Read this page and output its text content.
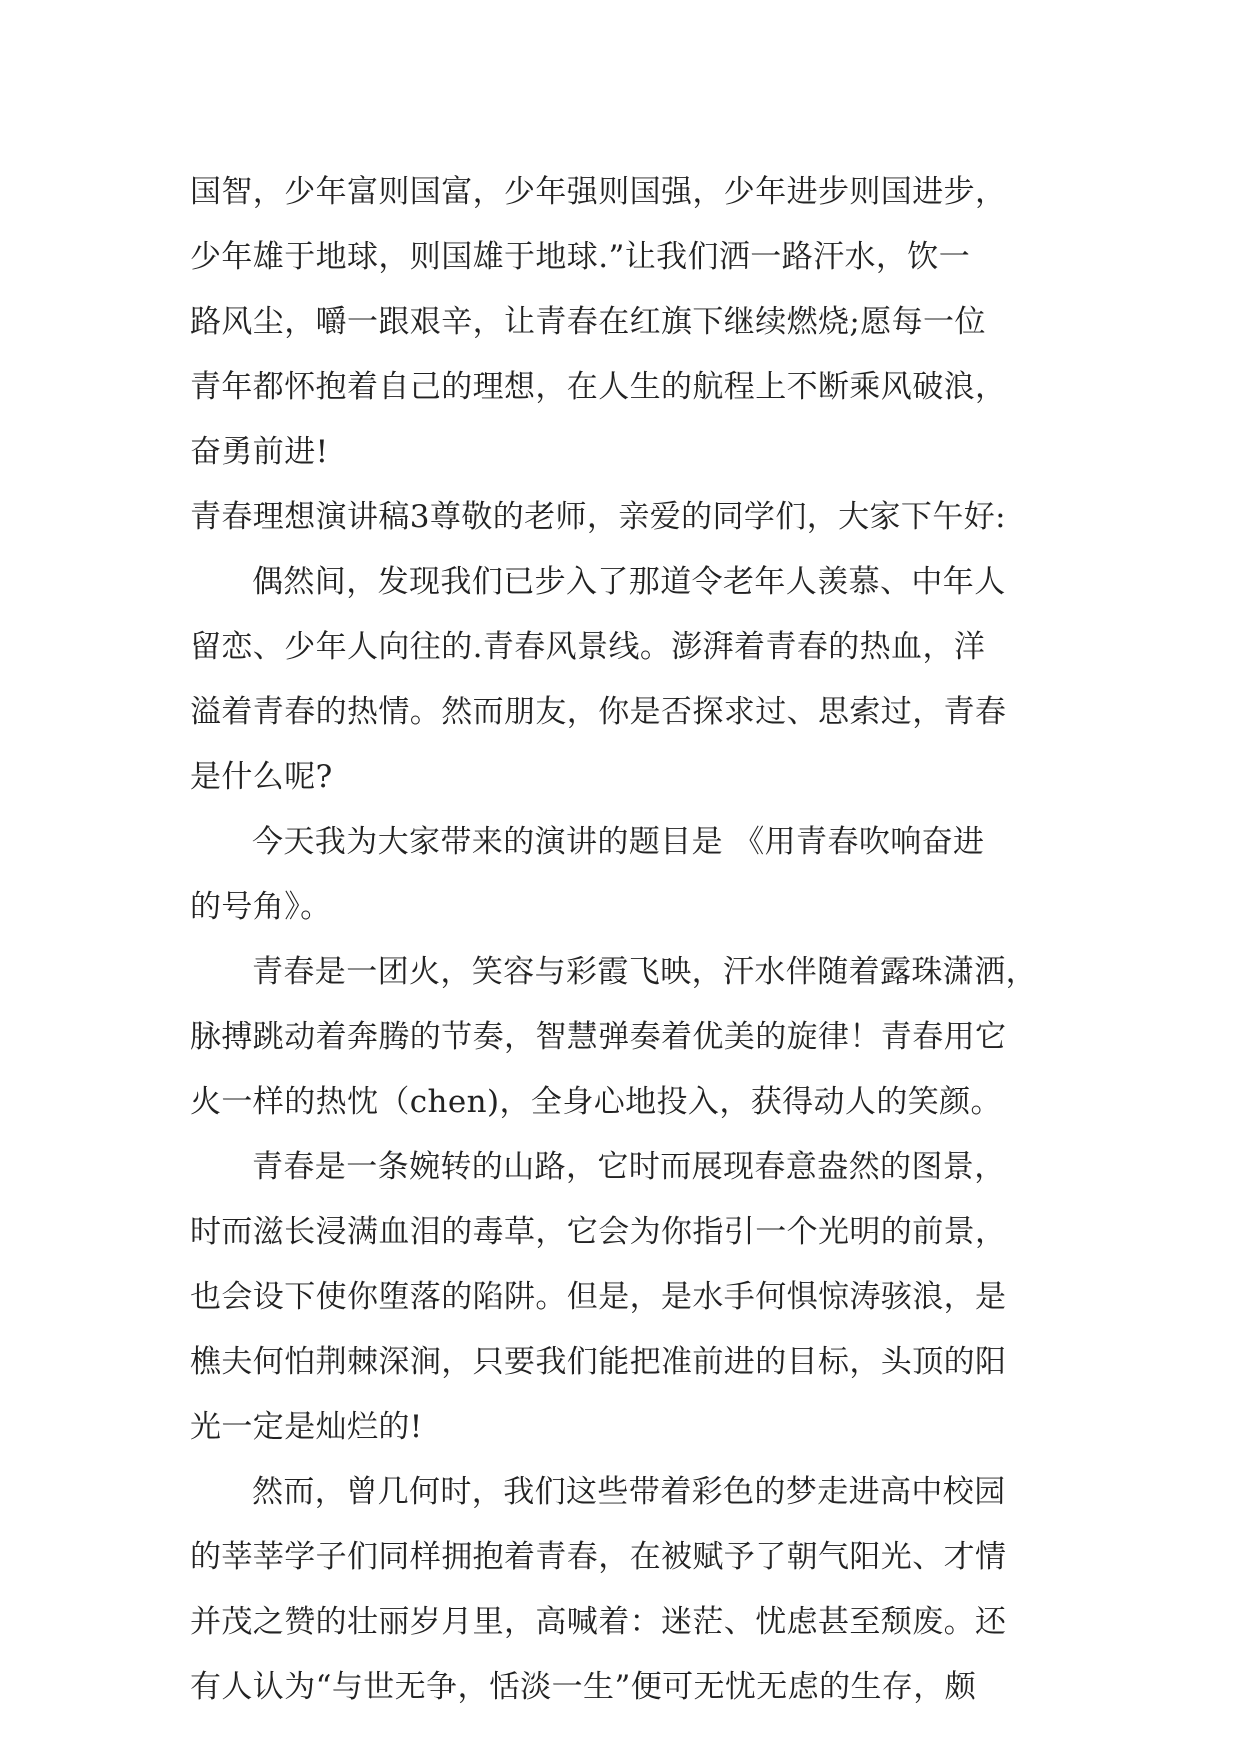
国智，少年富则国富，少年强则国强，少年进步则国进步，
少年雄于地球，则国雄于地球.”让我们洒一路汗水，饮一
路风尘，嚼一跟艰辛，让青春在红旗下继续燃烧;愿每一位
青年都怀抱着自己的理想，在人生的航程上不断乘风破浪，
奋勇前进!
青春理想演讲稿3尊敬的老师，亲爱的同学们，大家下午好:
偶然间，发现我们已步入了那道令老年人羡慕、中年人
留恋、少年人向往的.青春风景线。澎湃着青春的热血，洋
溢着青春的热情。然而朋友，你是否探求过、思索过，青春
是什么呢?
今天我为大家带来的演讲的题目是 《用青春吹响奋进
的号角》。
青春是一团火，笑容与彩霞飞映，汗水伴随着露珠潇洒，
脉搏跳动着奔腾的节奏，智慧弹奏着优美的旋律！青春用它
火一样的热忱（chen)，全身心地投入，获得动人的笑颜。
青春是一条婉转的山路，它时而展现春意盎然的图景，
时而滋长浸满血泪的毒草，它会为你指引一个光明的前景，
也会设下使你堕落的陷阱。但是，是水手何惧惊涛骇浪，是
樵夫何怕荆棘深涧，只要我们能把准前进的目标，头顶的阳
光一定是灿烂的!
然而，曾几何时，我们这些带着彩色的梦走进高中校园
的莘莘学子们同样拥抱着青春，在被赋予了朝气阳光、才情
并茂之赞的壮丽岁月里，高喊着：迷茫、忧虑甚至颓废。还
有人认为“与世无争，恬淡一生”便可无忧无虑的生存，颇
